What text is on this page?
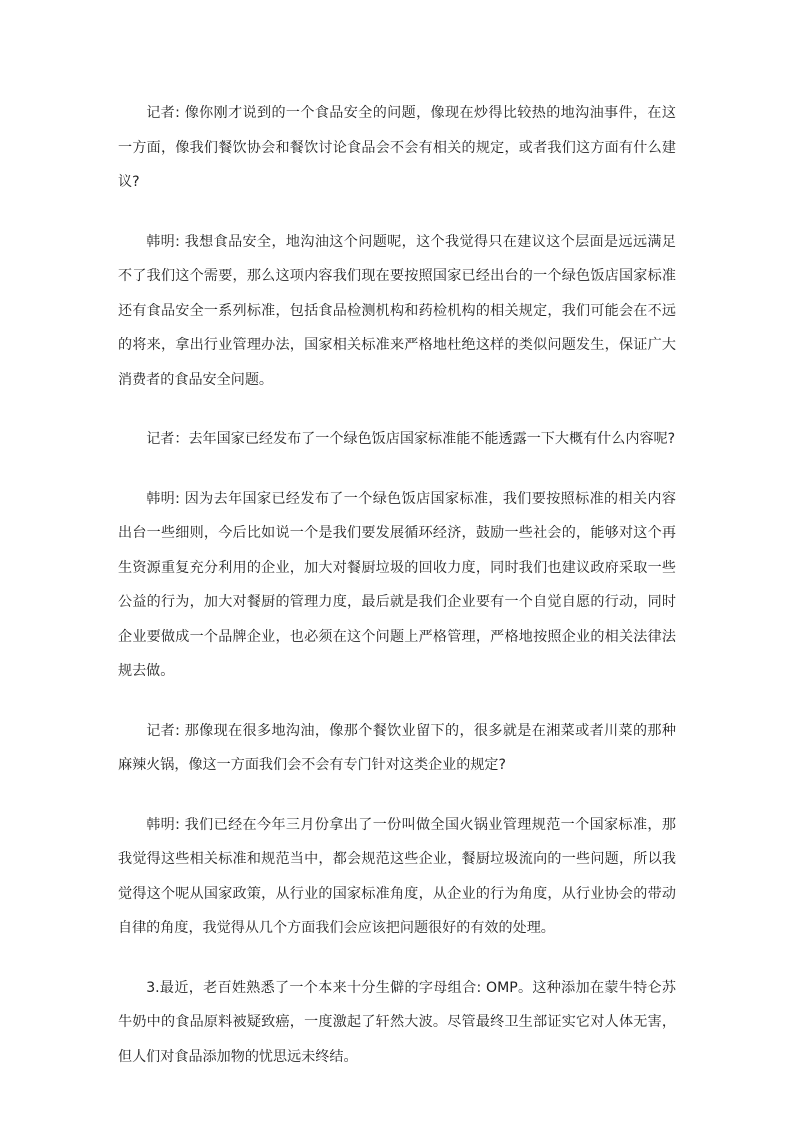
记者: 像你刚才说到的一个食品安全的问题，像现在炒得比较热的地沟油事件，在这一方面，像我们餐饮协会和餐饮讨论食品会不会有相关的规定，或者我们这方面有什么建议?

韩明: 我想食品安全，地沟油这个问题呢，这个我觉得只在建议这个层面是远远满足不了我们这个需要，那么这项内容我们现在要按照国家已经出台的一个绿色饭店国家标准还有食品安全一系列标准，包括食品检测机构和药检机构的相关规定，我们可能会在不远的将来，拿出行业管理办法，国家相关标准来严格地杜绝这样的类似问题发生，保证广大消费者的食品安全问题。

记者：去年国家已经发布了一个绿色饭店国家标准能不能透露一下大概有什么内容呢?

韩明: 因为去年国家已经发布了一个绿色饭店国家标准，我们要按照标准的相关内容出台一些细则，今后比如说一个是我们要发展循环经济，鼓励一些社会的，能够对这个再生资源重复充分利用的企业，加大对餐厨垃圾的回收力度，同时我们也建议政府采取一些公益的行为，加大对餐厨的管理力度，最后就是我们企业要有一个自觉自愿的行动，同时企业要做成一个品牌企业，也必须在这个问题上严格管理，严格地按照企业的相关法律法规去做。

记者: 那像现在很多地沟油，像那个餐饮业留下的，很多就是在湘菜或者川菜的那种麻辣火锅，像这一方面我们会不会有专门针对这类企业的规定?

韩明: 我们已经在今年三月份拿出了一份叫做全国火锅业管理规范一个国家标准，那我觉得这些相关标准和规范当中，都会规范这些企业，餐厨垃圾流向的一些问题，所以我觉得这个呢从国家政策，从行业的国家标准角度，从企业的行为角度，从行业协会的带动自律的角度，我觉得从几个方面我们会应该把问题很好的有效的处理。

3.最近，老百姓熟悉了一个本来十分生僻的字母组合: OMP。这种添加在蒙牛特仑苏牛奶中的食品原料被疑致癌，一度激起了轩然大波。尽管最终卫生部证实它对人体无害，但人们对食品添加物的忧思远未终结。
